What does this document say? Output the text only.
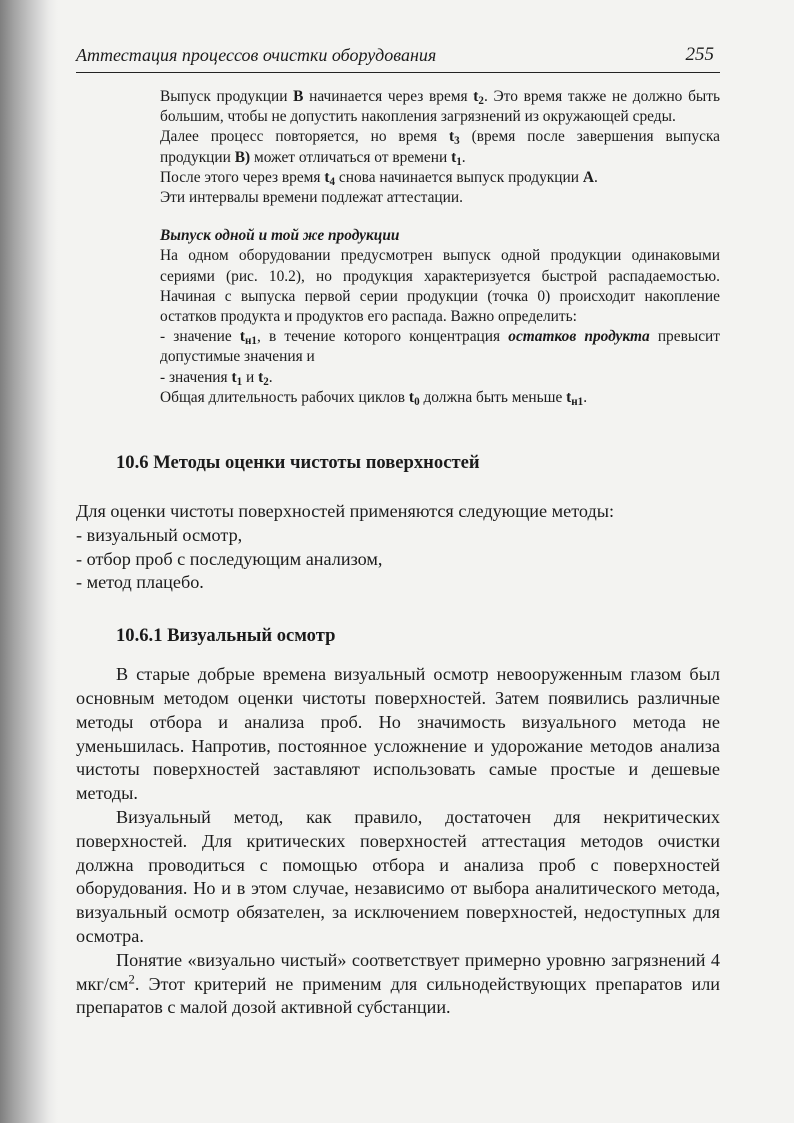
Аттестация процессов очистки оборудования	255

Выпуск продукции B начинается через время $t_2$. Это время также не должно быть большим, чтобы не допустить накопления загрязнений из окружающей среды.

Далее процесс повторяется, но время $t_3$ (время после завершения выпуска продукции B) может отличаться от времени $t_1$.

После этого через время $t_4$ снова начинается выпуск продукции A.

Эти интервалы времени подлежат аттестации.

Выпуск одной и той же продукции

На одном оборудовании предусмотрен выпуск одной продукции одинаковыми сериями (рис. 10.2), но продукция характеризуется быстрой распадаемостью. Начиная с выпуска первой серии продукции (точка 0) происходит накопление остатков продукта и продуктов его распада. Важно определить:

- значение $t_{н1}$, в течение которого концентрация остатков продукта превысит допустимые значения и

- значения $t_1$ и $t_2$.

Общая длительность рабочих циклов $t_0$ должна быть меньше $t_{н1}$.

10.6 Методы оценки чистоты поверхностей

Для оценки чистоты поверхностей применяются следующие методы:

- визуальный осмотр,

- отбор проб с последующим анализом,

- метод плацебо.

10.6.1 Визуальный осмотр

В старые добрые времена визуальный осмотр невооруженным глазом был основным методом оценки чистоты поверхностей. Затем появились различные методы отбора и анализа проб. Но значимость визуального метода не уменьшилась. Напротив, постоянное усложнение и удорожание методов анализа чистоты поверхностей заставляют использовать самые простые и дешевые методы.

Визуальный метод, как правило, достаточен для некритических поверхностей. Для критических поверхностей аттестация методов очистки должна проводиться с помощью отбора и анализа проб с поверхностей оборудования. Но и в этом случае, независимо от выбора аналитического метода, визуальный осмотр обязателен, за исключением поверхностей, недоступных для осмотра.

Понятие «визуально чистый» соответствует примерно уровню загрязнений 4 мкг/$см^2$. Этот критерий не применим для сильнодействующих препаратов или препаратов с малой дозой активной субстанции.
